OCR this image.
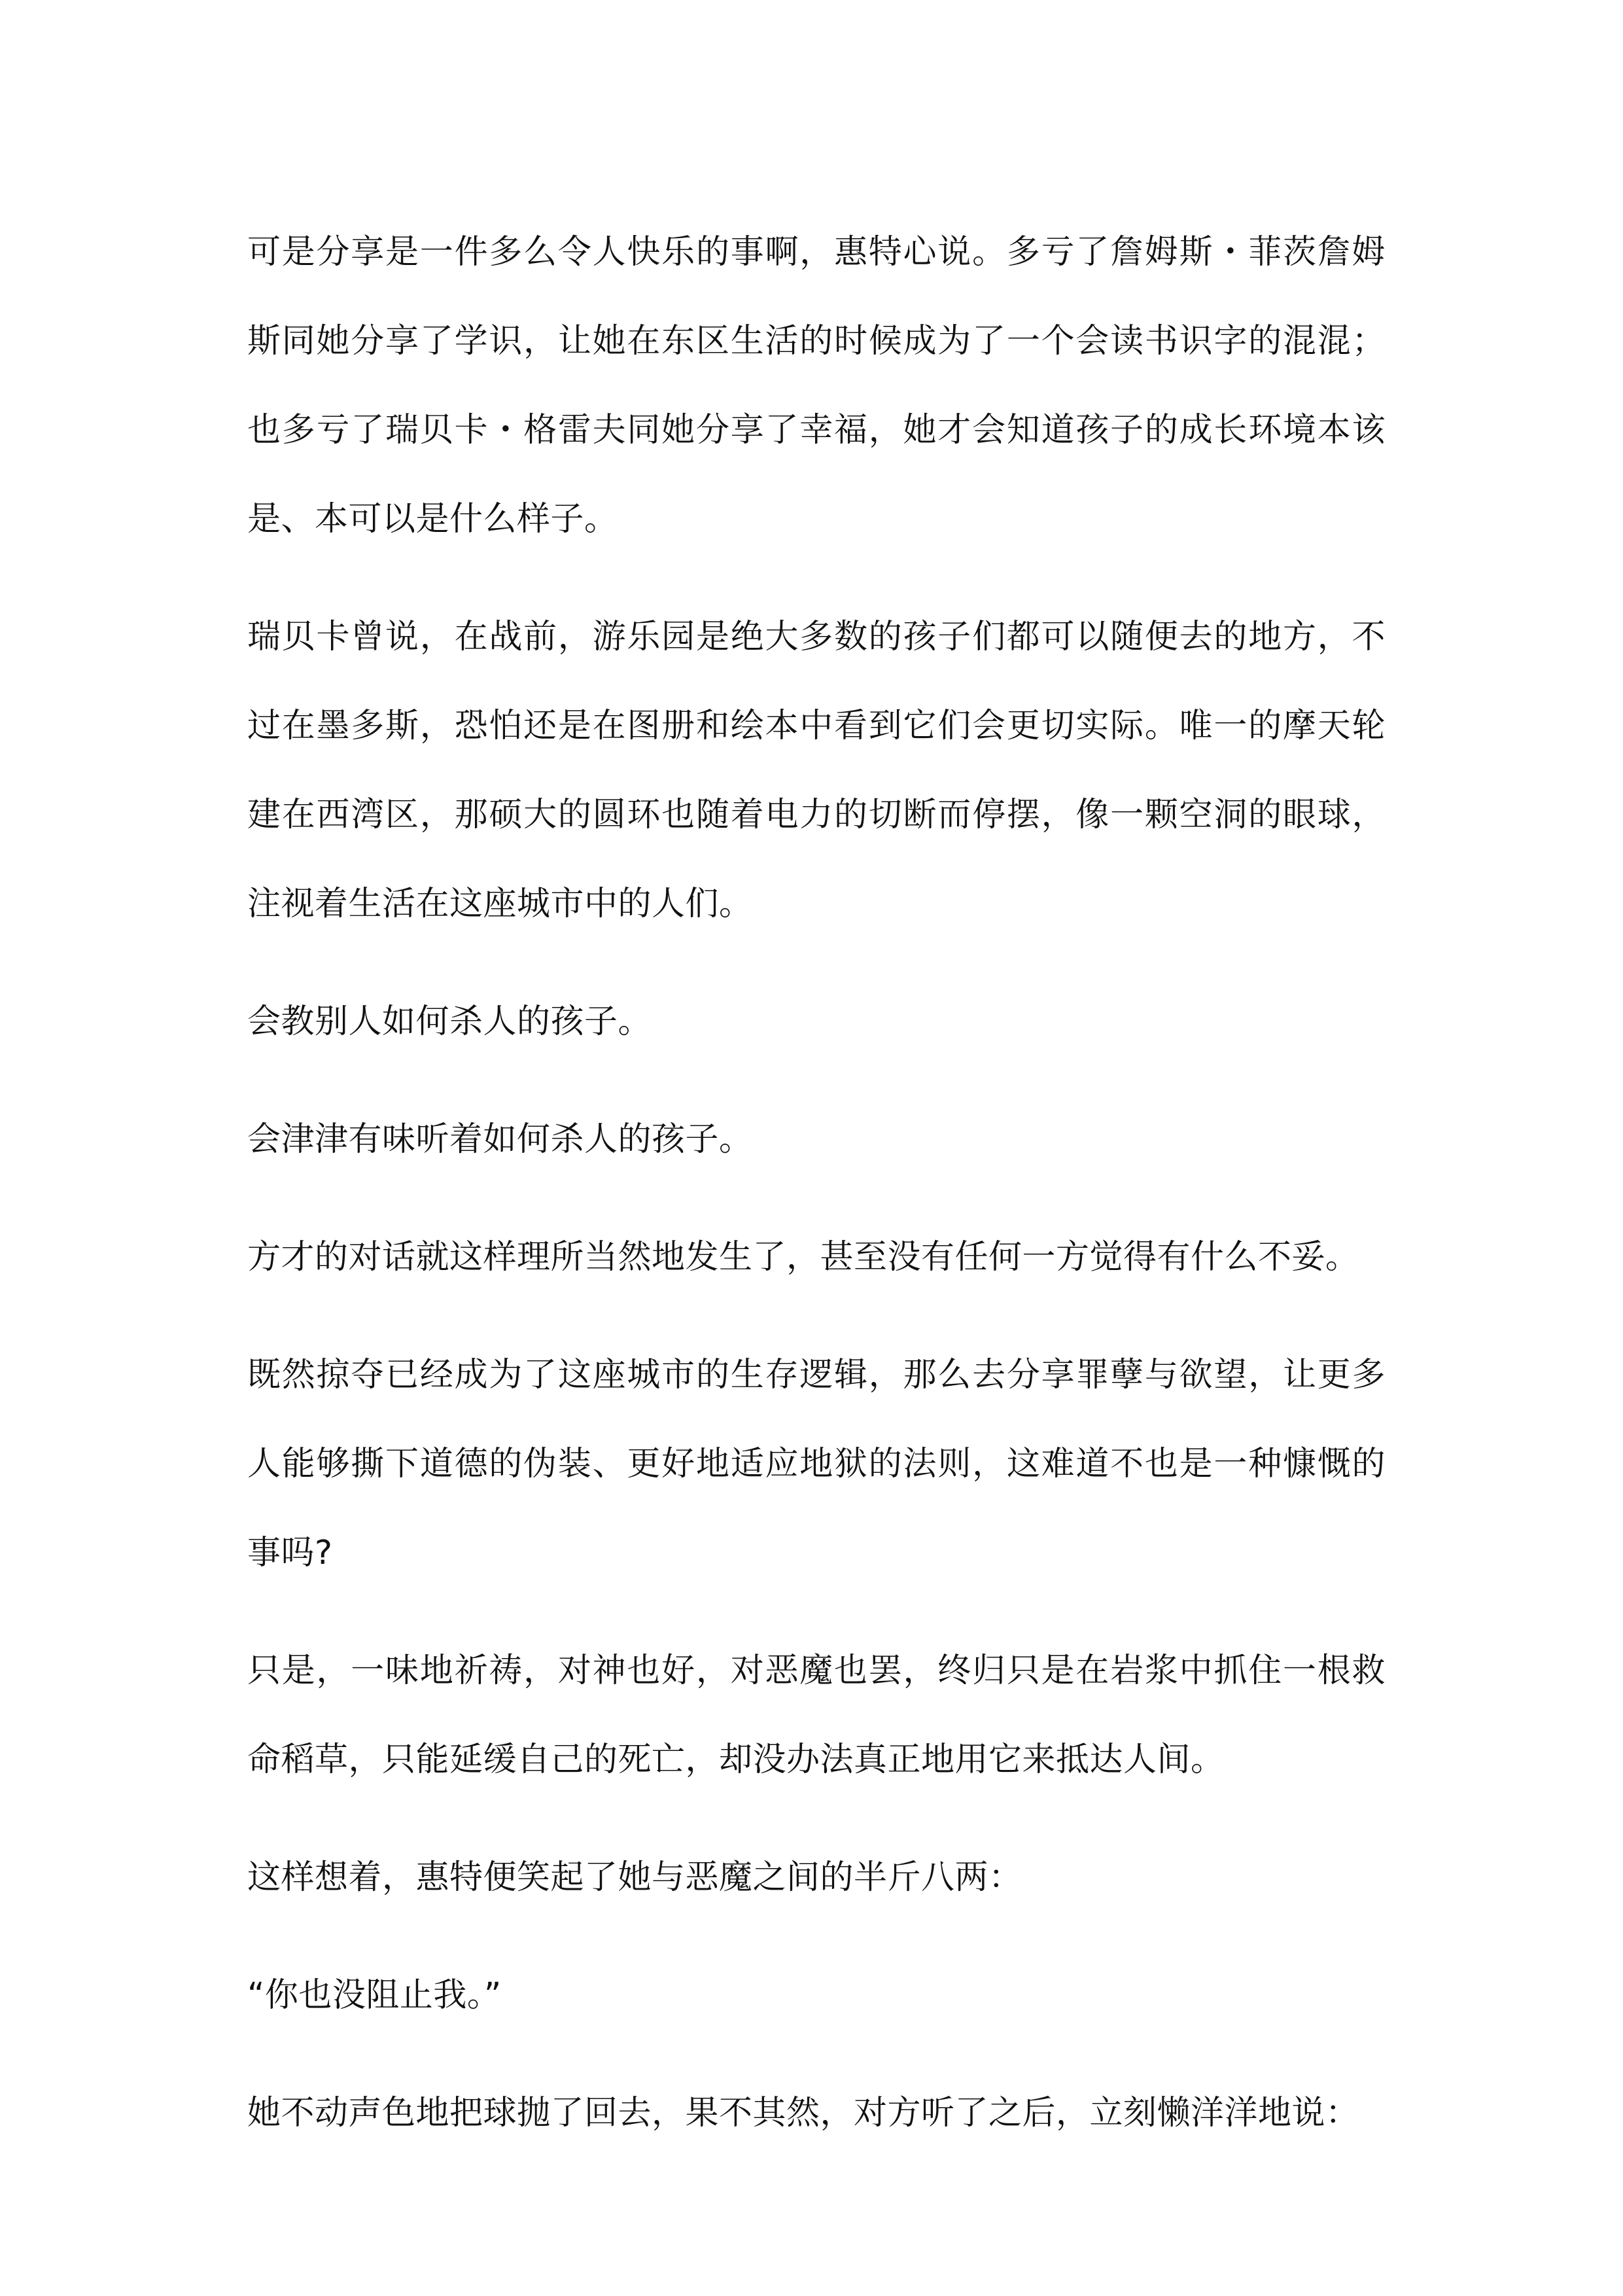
可是分享是一件多么令人快乐的事啊，惠特心说。多亏了詹姆斯・菲茨詹姆斯同她分享了学识，让她在东区生活的时候成为了一个会读书识字的混混；也多亏了瑞贝卡・格雷夫同她分享了幸福，她才会知道孩子的成长环境本该是、本可以是什么样子。

瑞贝卡曾说，在战前，游乐园是绝大多数的孩子们都可以随便去的地方，不过在墨多斯，恐怕还是在图册和绘本中看到它们会更切实际。唯一的摩天轮建在西湾区，那硕大的圆环也随着电力的切断而停摆，像一颗空洞的眼球，注视着生活在这座城市中的人们。

会教别人如何杀人的孩子。

会津津有味听着如何杀人的孩子。

方才的对话就这样理所当然地发生了，甚至没有任何一方觉得有什么不妥。

既然掠夺已经成为了这座城市的生存逻辑，那么去分享罪孽与欲望，让更多人能够撕下道德的伪装、更好地适应地狱的法则，这难道不也是一种慷慨的事吗?

只是，一味地祈祷，对神也好，对恶魔也罢，终归只是在岩浆中抓住一根救命稻草，只能延缓自己的死亡，却没办法真正地用它来抵达人间。

这样想着，惠特便笑起了她与恶魔之间的半斤八两：

“你也没阻止我。”

她不动声色地把球抛了回去，果不其然，对方听了之后，立刻懒洋洋地说：
